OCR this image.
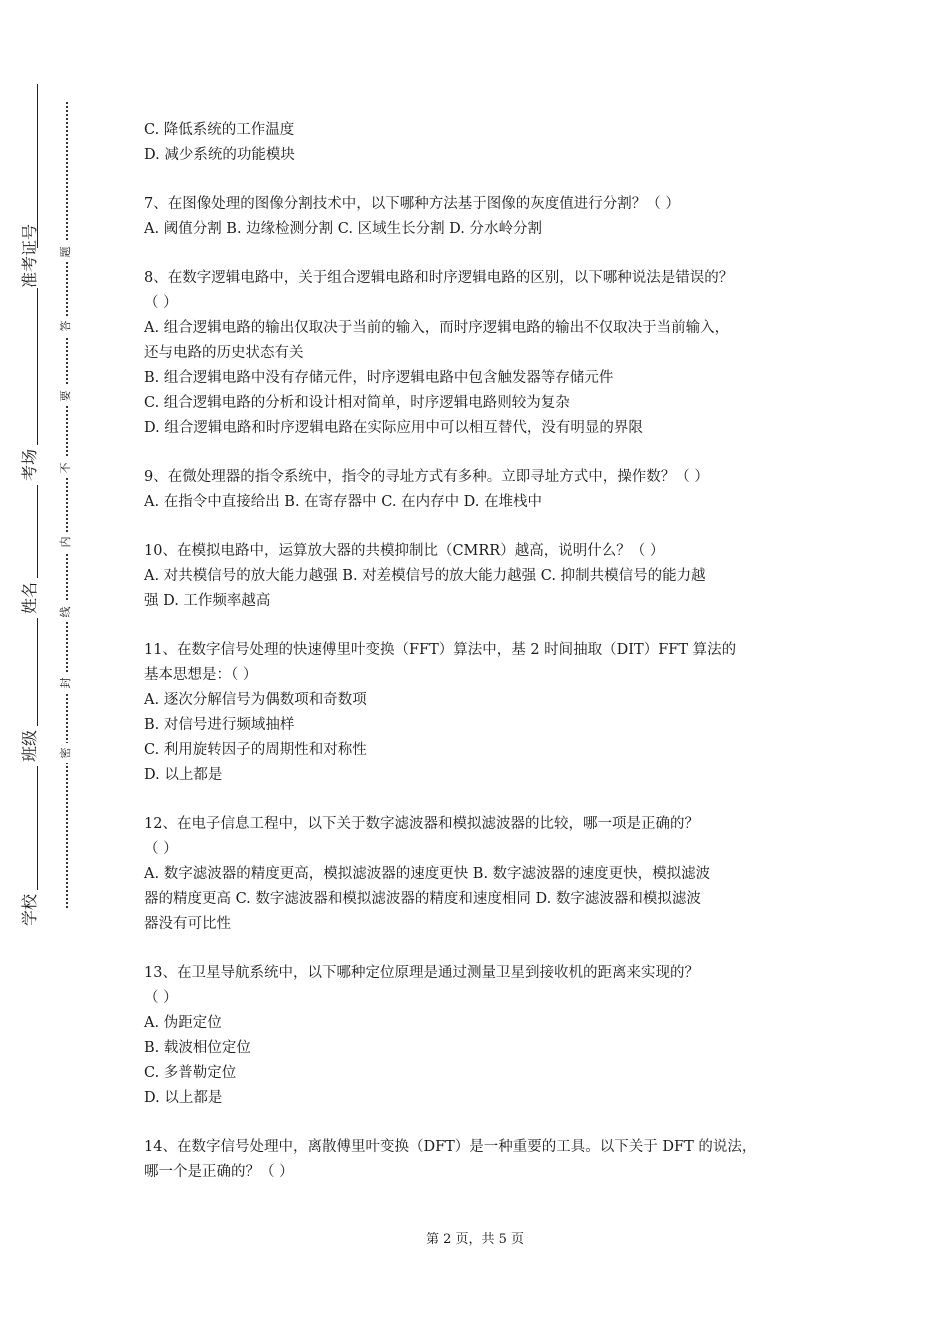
准考证号
考场
姓名
班级
学校
题
答
要
不
内
线
封
密
C. 降低系统的工作温度
D. 减少系统的功能模块
7、在图像处理的图像分割技术中，以下哪种方法基于图像的灰度值进行分割？（ ）
A. 阈值分割 B. 边缘检测分割 C. 区域生长分割 D. 分水岭分割
8、在数字逻辑电路中，关于组合逻辑电路和时序逻辑电路的区别，以下哪种说法是错误的？
（ ）
A. 组合逻辑电路的输出仅取决于当前的输入，而时序逻辑电路的输出不仅取决于当前输入，
还与电路的历史状态有关
B. 组合逻辑电路中没有存储元件，时序逻辑电路中包含触发器等存储元件
C. 组合逻辑电路的分析和设计相对简单，时序逻辑电路则较为复杂
D. 组合逻辑电路和时序逻辑电路在实际应用中可以相互替代，没有明显的界限
9、在微处理器的指令系统中，指令的寻址方式有多种。立即寻址方式中，操作数？（ ）
A. 在指令中直接给出 B. 在寄存器中 C. 在内存中 D. 在堆栈中
10、在模拟电路中，运算放大器的共模抑制比（CMRR）越高，说明什么？（ ）
A. 对共模信号的放大能力越强 B. 对差模信号的放大能力越强 C. 抑制共模信号的能力越
强 D. 工作频率越高
11、在数字信号处理的快速傅里叶变换（FFT）算法中，基 2 时间抽取（DIT）FFT 算法的
基本思想是：（ ）
A. 逐次分解信号为偶数项和奇数项
B. 对信号进行频域抽样
C. 利用旋转因子的周期性和对称性
D. 以上都是
12、在电子信息工程中，以下关于数字滤波器和模拟滤波器的比较，哪一项是正确的？
（ ）
A. 数字滤波器的精度更高，模拟滤波器的速度更快 B. 数字滤波器的速度更快，模拟滤波
器的精度更高 C. 数字滤波器和模拟滤波器的精度和速度相同 D. 数字滤波器和模拟滤波
器没有可比性
13、在卫星导航系统中，以下哪种定位原理是通过测量卫星到接收机的距离来实现的？
（ ）
A. 伪距定位
B. 载波相位定位
C. 多普勒定位
D. 以上都是
14、在数字信号处理中，离散傅里叶变换（DFT）是一种重要的工具。以下关于 DFT 的说法，
哪一个是正确的？（ ）
第 2 页，共 5 页
